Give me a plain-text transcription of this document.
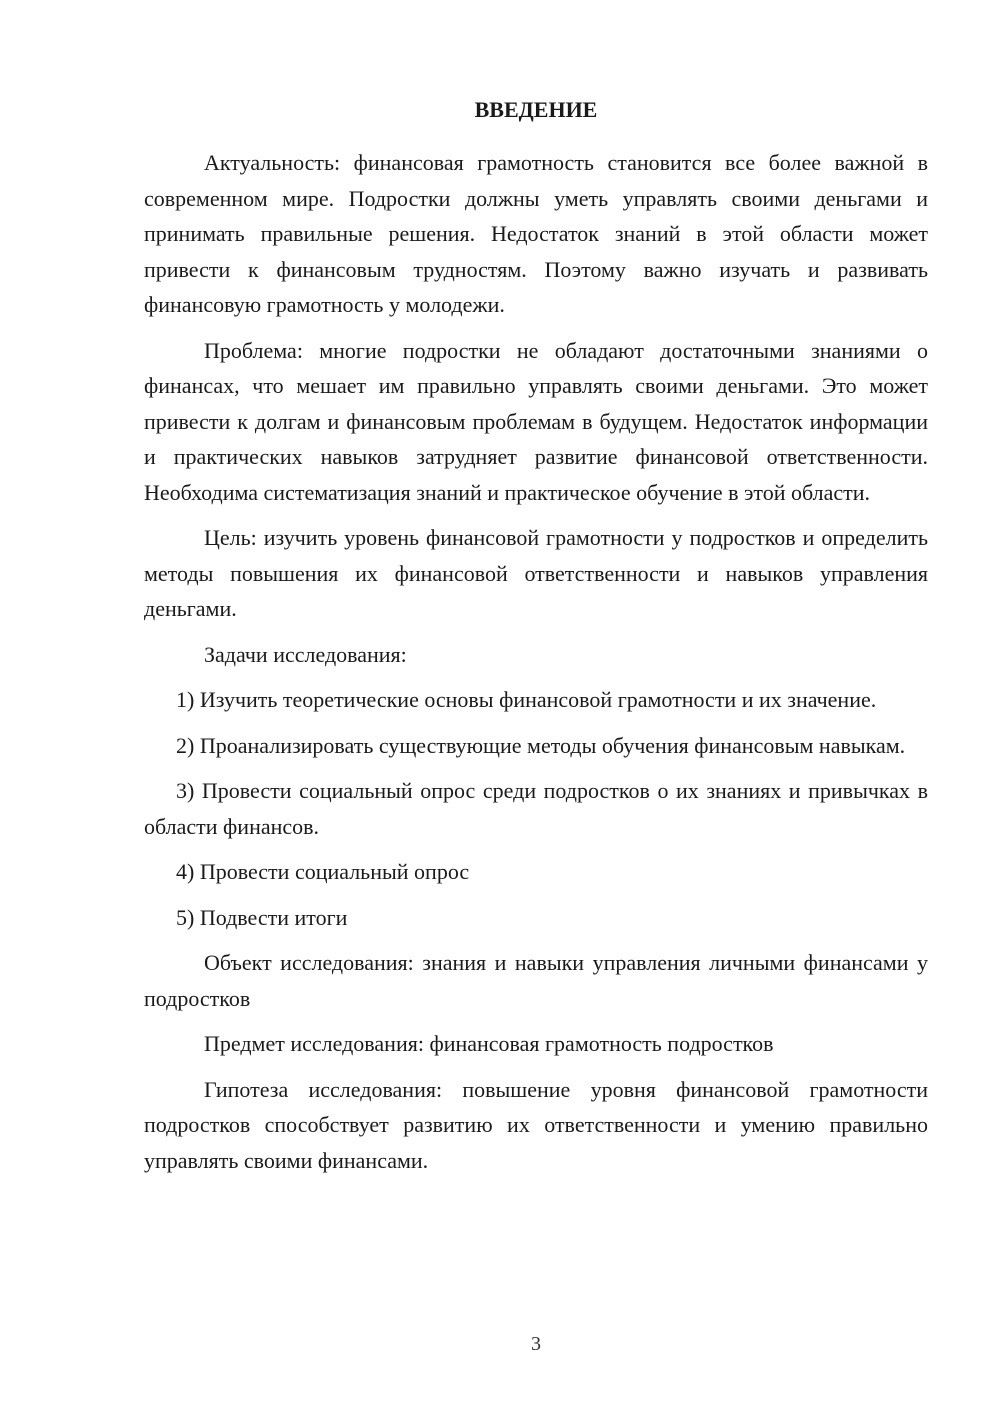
ВВЕДЕНИЕ

Актуальность: финансовая грамотность становится все более важной в современном мире. Подростки должны уметь управлять своими деньгами и принимать правильные решения. Недостаток знаний в этой области может привести к финансовым трудностям. Поэтому важно изучать и развивать финансовую грамотность у молодежи.

Проблема: многие подростки не обладают достаточными знаниями о финансах, что мешает им правильно управлять своими деньгами. Это может привести к долгам и финансовым проблемам в будущем. Недостаток информации и практических навыков затрудняет развитие финансовой ответственности. Необходима систематизация знаний и практическое обучение в этой области.

Цель: изучить уровень финансовой грамотности у подростков и определить методы повышения их финансовой ответственности и навыков управления деньгами.

Задачи исследования:

1) Изучить теоретические основы финансовой грамотности и их значение.

2) Проанализировать существующие методы обучения финансовым навыкам.

3) Провести социальный опрос среди подростков о их знаниях и привычках в области финансов.

4) Провести социальный опрос

5) Подвести итоги

Объект исследования: знания и навыки управления личными финансами у подростков

Предмет исследования: финансовая грамотность подростков

Гипотеза исследования: повышение уровня финансовой грамотности подростков способствует развитию их ответственности и умению правильно управлять своими финансами.

3
